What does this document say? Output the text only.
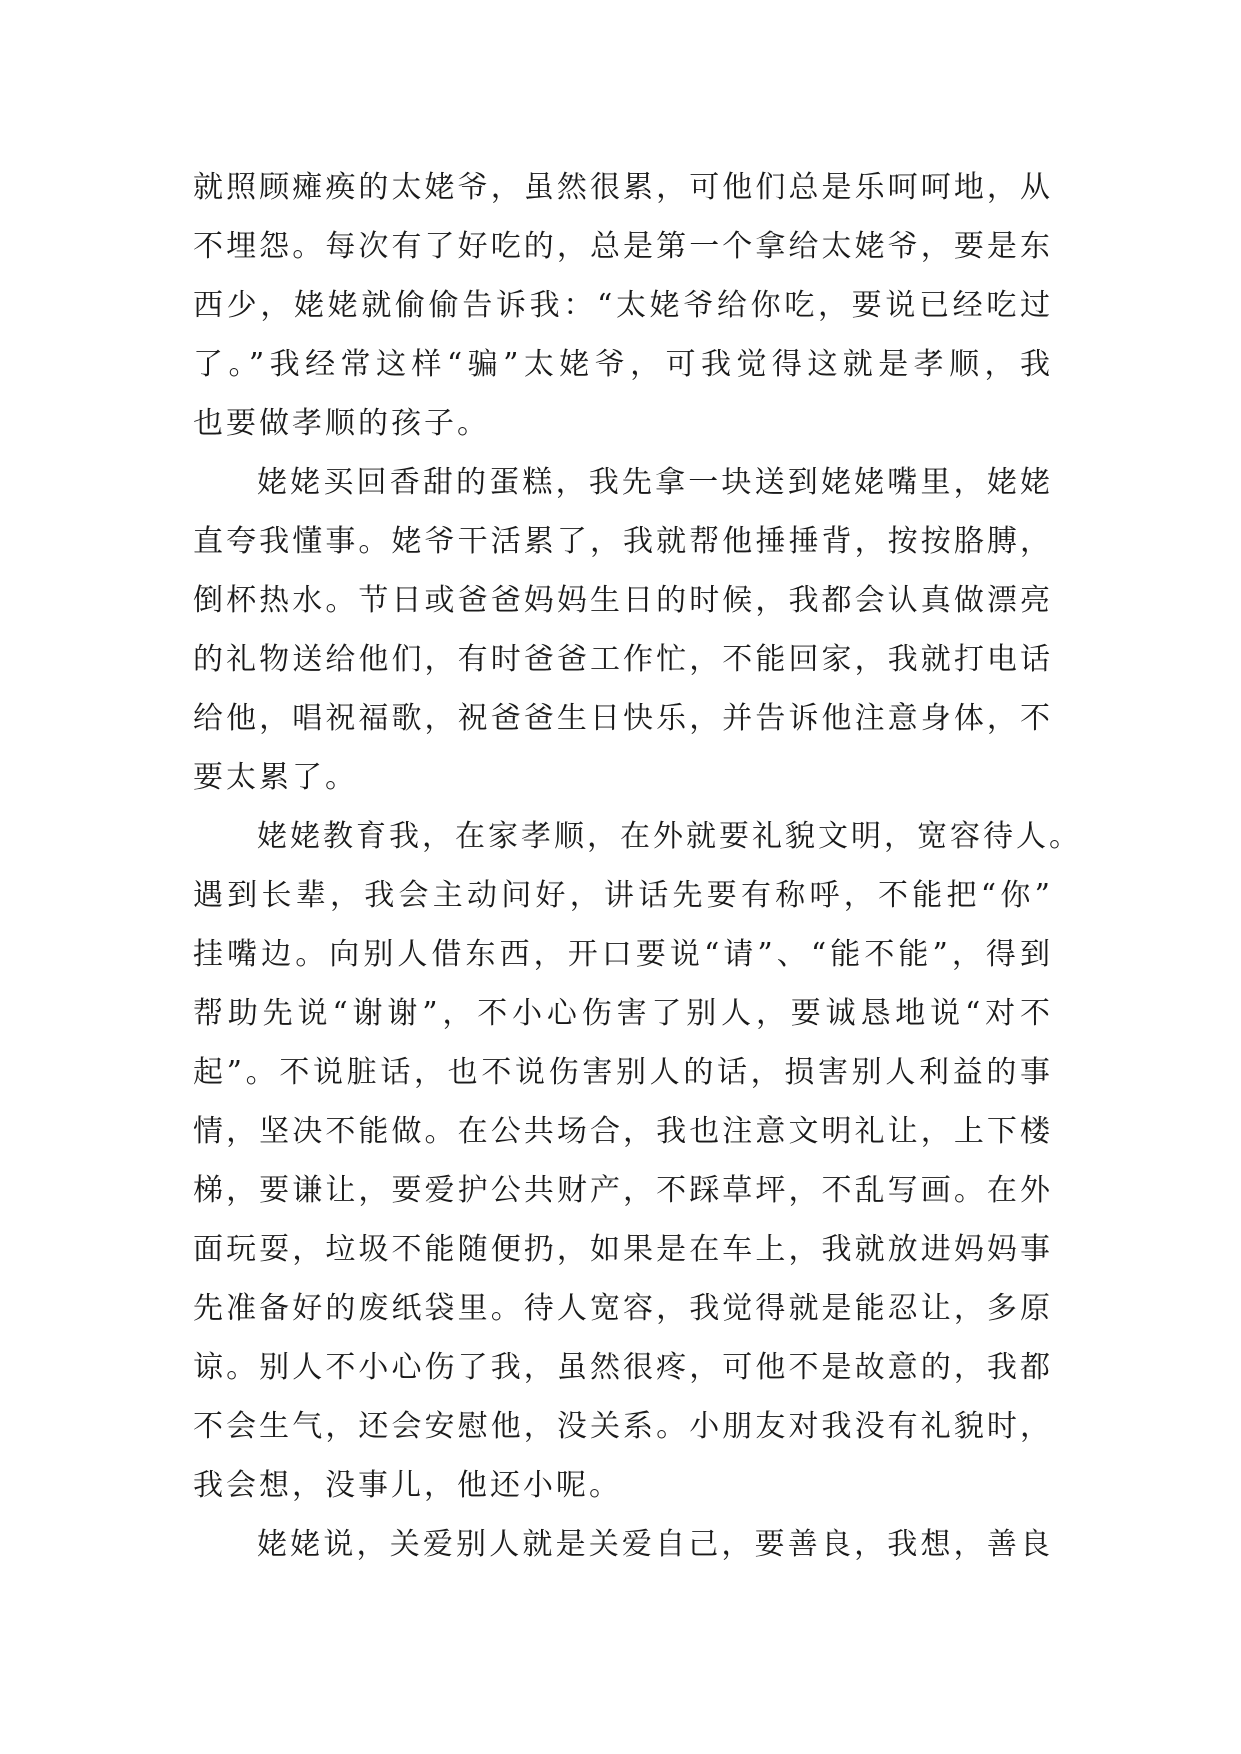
就照顾瘫痪的太姥爷，虽然很累，可他们总是乐呵呵地，从
不埋怨。每次有了好吃的，总是第一个拿给太姥爷，要是东
西少，姥姥就偷偷告诉我：“太姥爷给你吃，要说已经吃过
了。”我经常这样“骗”太姥爷，可我觉得这就是孝顺，我
也要做孝顺的孩子。
姥姥买回香甜的蛋糕，我先拿一块送到姥姥嘴里，姥姥
直夸我懂事。姥爷干活累了，我就帮他捶捶背，按按胳膊，
倒杯热水。节日或爸爸妈妈生日的时候，我都会认真做漂亮
的礼物送给他们，有时爸爸工作忙，不能回家，我就打电话
给他，唱祝福歌，祝爸爸生日快乐，并告诉他注意身体，不
要太累了。
姥姥教育我，在家孝顺，在外就要礼貌文明，宽容待人。
遇到长辈，我会主动问好，讲话先要有称呼，不能把“你”
挂嘴边。向别人借东西，开口要说“请”、“能不能”，得到
帮助先说“谢谢”，不小心伤害了别人，要诚恳地说“对不
起”。不说脏话，也不说伤害别人的话，损害别人利益的事
情，坚决不能做。在公共场合，我也注意文明礼让，上下楼
梯，要谦让，要爱护公共财产，不踩草坪，不乱写画。在外
面玩耍，垃圾不能随便扔，如果是在车上，我就放进妈妈事
先准备好的废纸袋里。待人宽容，我觉得就是能忍让，多原
谅。别人不小心伤了我，虽然很疼，可他不是故意的，我都
不会生气，还会安慰他，没关系。小朋友对我没有礼貌时，
我会想，没事儿，他还小呢。
姥姥说，关爱别人就是关爱自己，要善良，我想，善良
